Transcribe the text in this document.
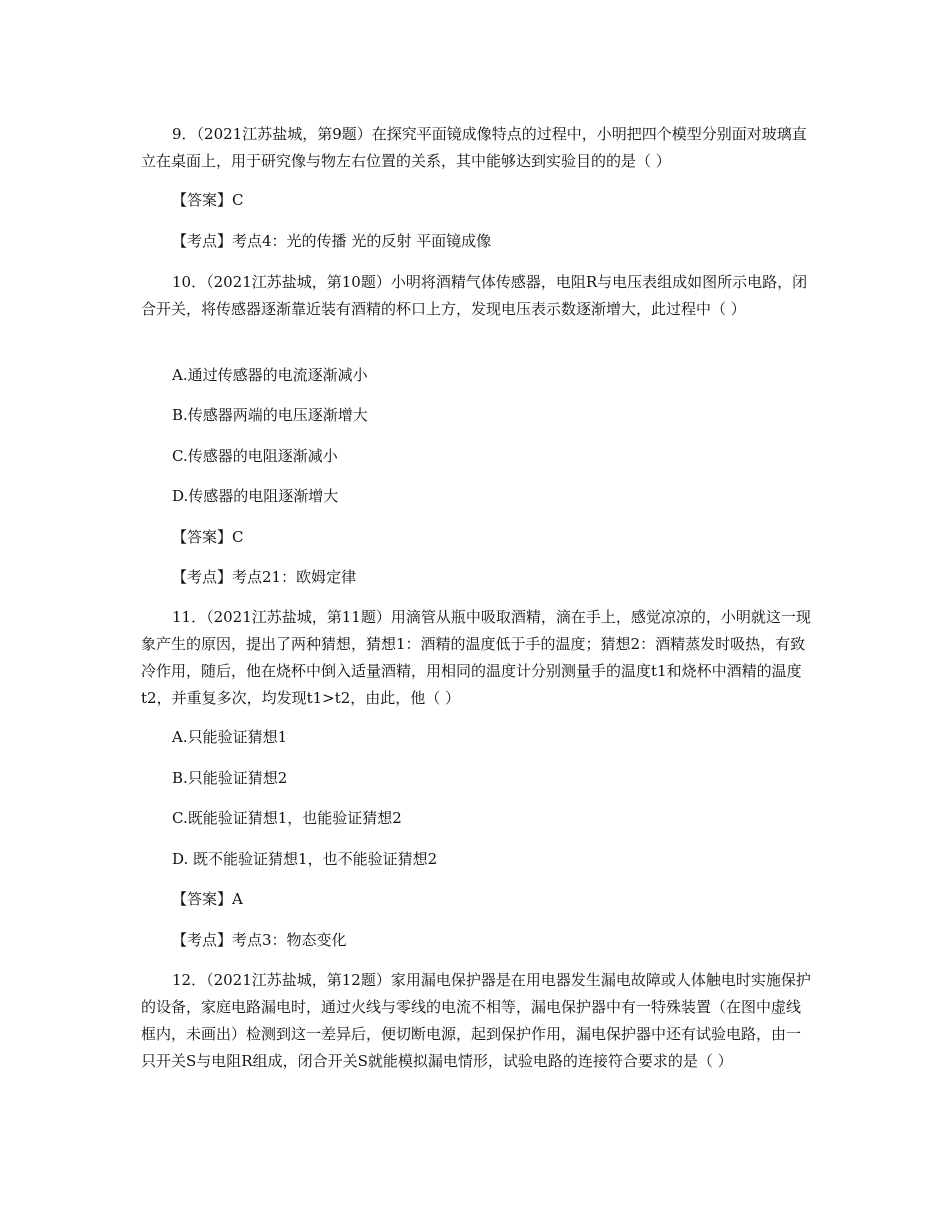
9．（2021江苏盐城，第9题）在探究平面镜成像特点的过程中，小明把四个模型分别面对玻璃直立在桌面上，用于研究像与物左右位置的关系，其中能够达到实验目的的是（ ）

【答案】C
【考点】考点4：光的传播 光的反射 平面镜成像

10．（2021江苏盐城，第10题）小明将酒精气体传感器，电阻R与电压表组成如图所示电路，闭合开关，将传感器逐渐靠近装有酒精的杯口上方，发现电压表示数逐渐增大，此过程中（ ）

A.通过传感器的电流逐渐减小
B.传感器两端的电压逐渐增大
C.传感器的电阻逐渐减小
D.传感器的电阻逐渐增大
【答案】C
【考点】考点21：欧姆定律

11．（2021江苏盐城，第11题）用滴管从瓶中吸取酒精，滴在手上，感觉凉凉的，小明就这一现象产生的原因，提出了两种猜想，猜想1：酒精的温度低于手的温度；猜想2：酒精蒸发时吸热，有致冷作用，随后，他在烧杯中倒入适量酒精，用相同的温度计分别测量手的温度t1和烧杯中酒精的温度t2，并重复多次，均发现t1>t2，由此，他（ ）

A.只能验证猜想1
B.只能验证猜想2
C.既能验证猜想1，也能验证猜想2
D. 既不能验证猜想1，也不能验证猜想2
【答案】A
【考点】考点3：物态变化

12．（2021江苏盐城，第12题）家用漏电保护器是在用电器发生漏电故障或人体触电时实施保护的设备，家庭电路漏电时，通过火线与零线的电流不相等，漏电保护器中有一特殊装置（在图中虚线框内，未画出）检测到这一差异后，便切断电源，起到保护作用，漏电保护器中还有试验电路，由一只开关S与电阻R组成，闭合开关S就能模拟漏电情形，试验电路的连接符合要求的是（ ）
